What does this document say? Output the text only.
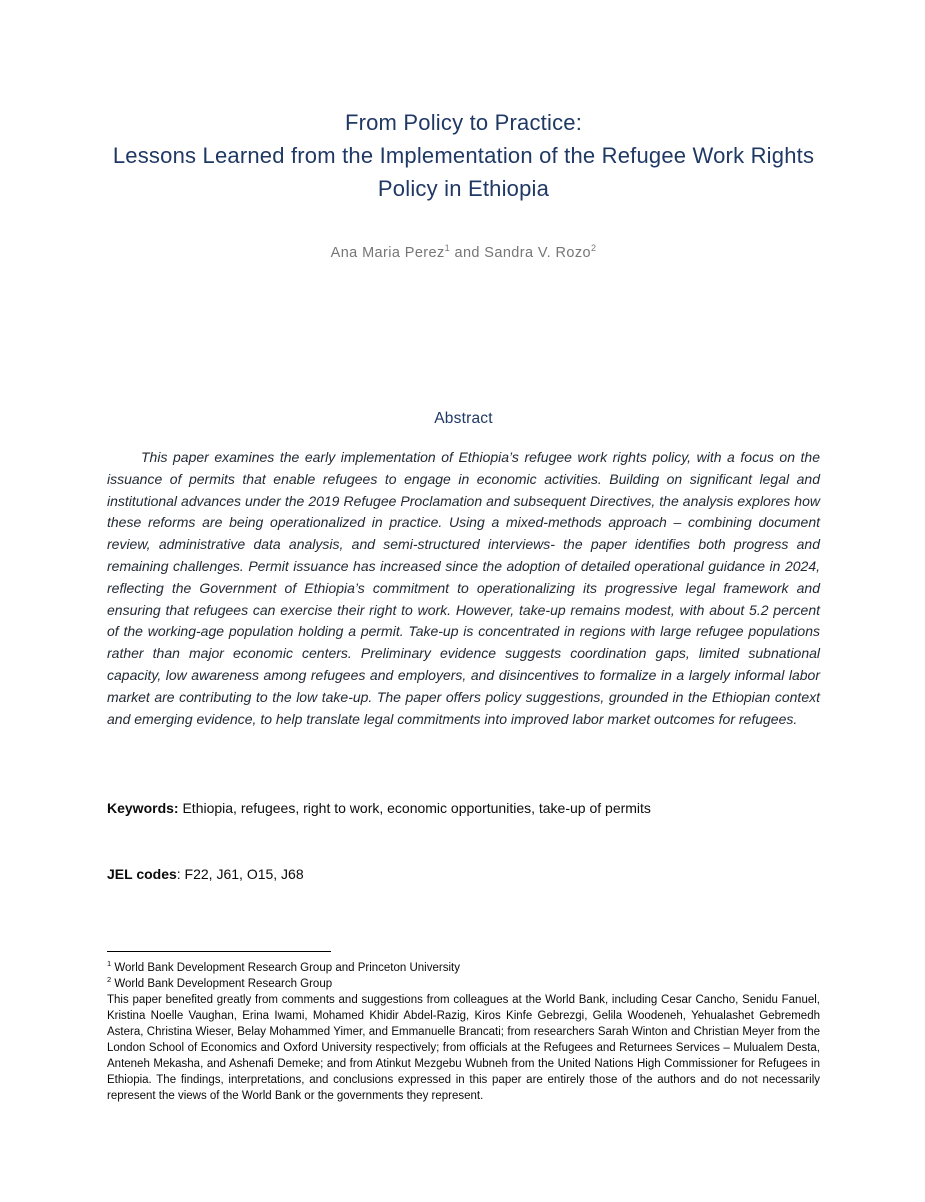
From Policy to Practice:
Lessons Learned from the Implementation of the Refugee Work Rights Policy in Ethiopia
Ana Maria Perez$^1$ and Sandra V. Rozo$^2$
Abstract
This paper examines the early implementation of Ethiopia’s refugee work rights policy, with a focus on the issuance of permits that enable refugees to engage in economic activities. Building on significant legal and institutional advances under the 2019 Refugee Proclamation and subsequent Directives, the analysis explores how these reforms are being operationalized in practice. Using a mixed-methods approach – combining document review, administrative data analysis, and semi-structured interviews- the paper identifies both progress and remaining challenges. Permit issuance has increased since the adoption of detailed operational guidance in 2024, reflecting the Government of Ethiopia’s commitment to operationalizing its progressive legal framework and ensuring that refugees can exercise their right to work. However, take-up remains modest, with about 5.2 percent of the working-age population holding a permit. Take-up is concentrated in regions with large refugee populations rather than major economic centers. Preliminary evidence suggests coordination gaps, limited subnational capacity, low awareness among refugees and employers, and disincentives to formalize in a largely informal labor market are contributing to the low take-up. The paper offers policy suggestions, grounded in the Ethiopian context and emerging evidence, to help translate legal commitments into improved labor market outcomes for refugees.
Keywords: Ethiopia, refugees, right to work, economic opportunities, take-up of permits
JEL codes: F22, J61, O15, J68
$^1$ World Bank Development Research Group and Princeton University
$^2$ World Bank Development Research Group
This paper benefited greatly from comments and suggestions from colleagues at the World Bank, including Cesar Cancho, Senidu Fanuel, Kristina Noelle Vaughan, Erina Iwami, Mohamed Khidir Abdel-Razig, Kiros Kinfe Gebrezgi, Gelila Woodeneh, Yehualashet Gebremedh Astera, Christina Wieser, Belay Mohammed Yimer, and Emmanuelle Brancati; from researchers Sarah Winton and Christian Meyer from the London School of Economics and Oxford University respectively; from officials at the Refugees and Returnees Services – Mulualem Desta, Anteneh Mekasha, and Ashenafi Demeke; and from Atinkut Mezgebu Wubneh from the United Nations High Commissioner for Refugees in Ethiopia. The findings, interpretations, and conclusions expressed in this paper are entirely those of the authors and do not necessarily represent the views of the World Bank or the governments they represent.
